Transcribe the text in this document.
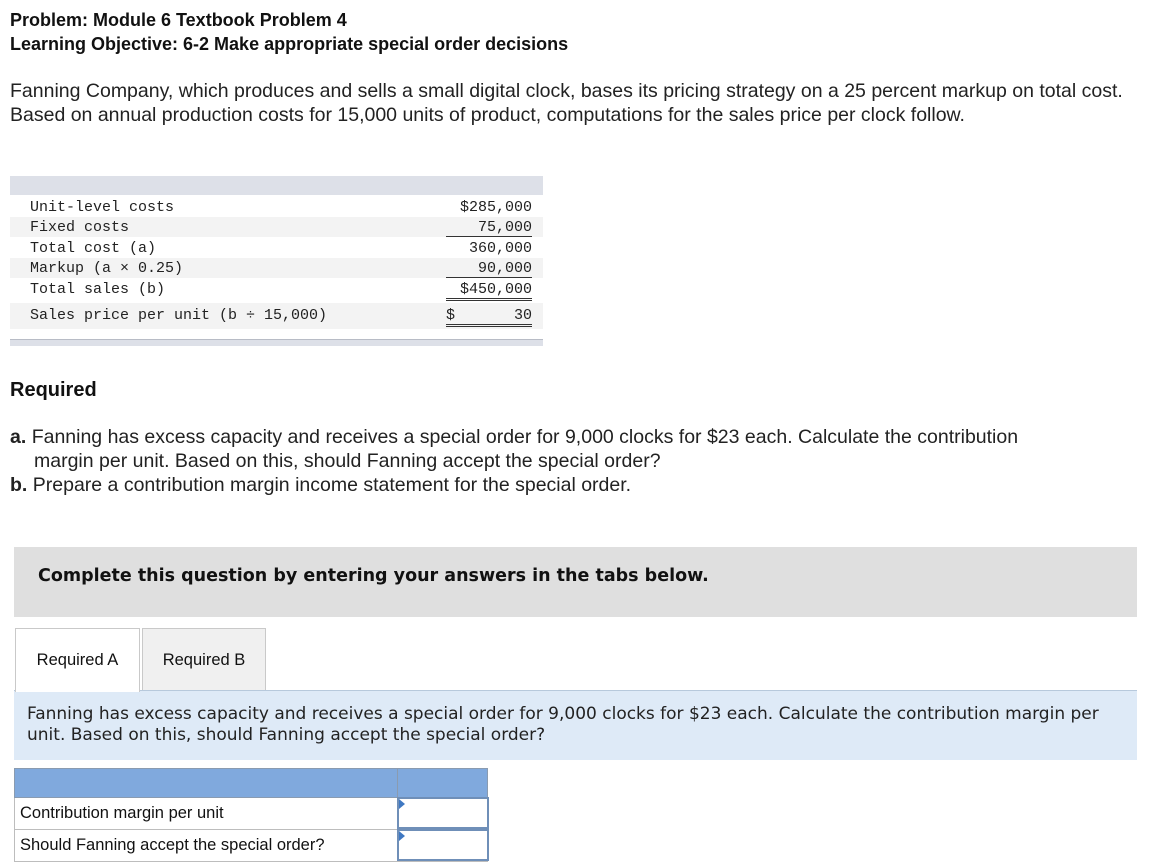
Problem: Module 6 Textbook Problem 4
Learning Objective: 6-2 Make appropriate special order decisions
Fanning Company, which produces and sells a small digital clock, bases its pricing strategy on a 25 percent markup on total cost. Based on annual production costs for 15,000 units of product, computations for the sales price per clock follow.
Unit-level costs	$285,000
Fixed costs	75,000
Total cost (a)	360,000
Markup (a × 0.25)	90,000
Total sales (b)	$450,000
Sales price per unit (b ÷ 15,000)	$	30
Required
a. Fanning has excess capacity and receives a special order for 9,000 clocks for $23 each. Calculate the contribution
margin per unit. Based on this, should Fanning accept the special order?
b. Prepare a contribution margin income statement for the special order.
Complete this question by entering your answers in the tabs below.
Required A	Required B
Fanning has excess capacity and receives a special order for 9,000 clocks for $23 each. Calculate the contribution margin per unit. Based on this, should Fanning accept the special order?
Contribution margin per unit
Should Fanning accept the special order?
